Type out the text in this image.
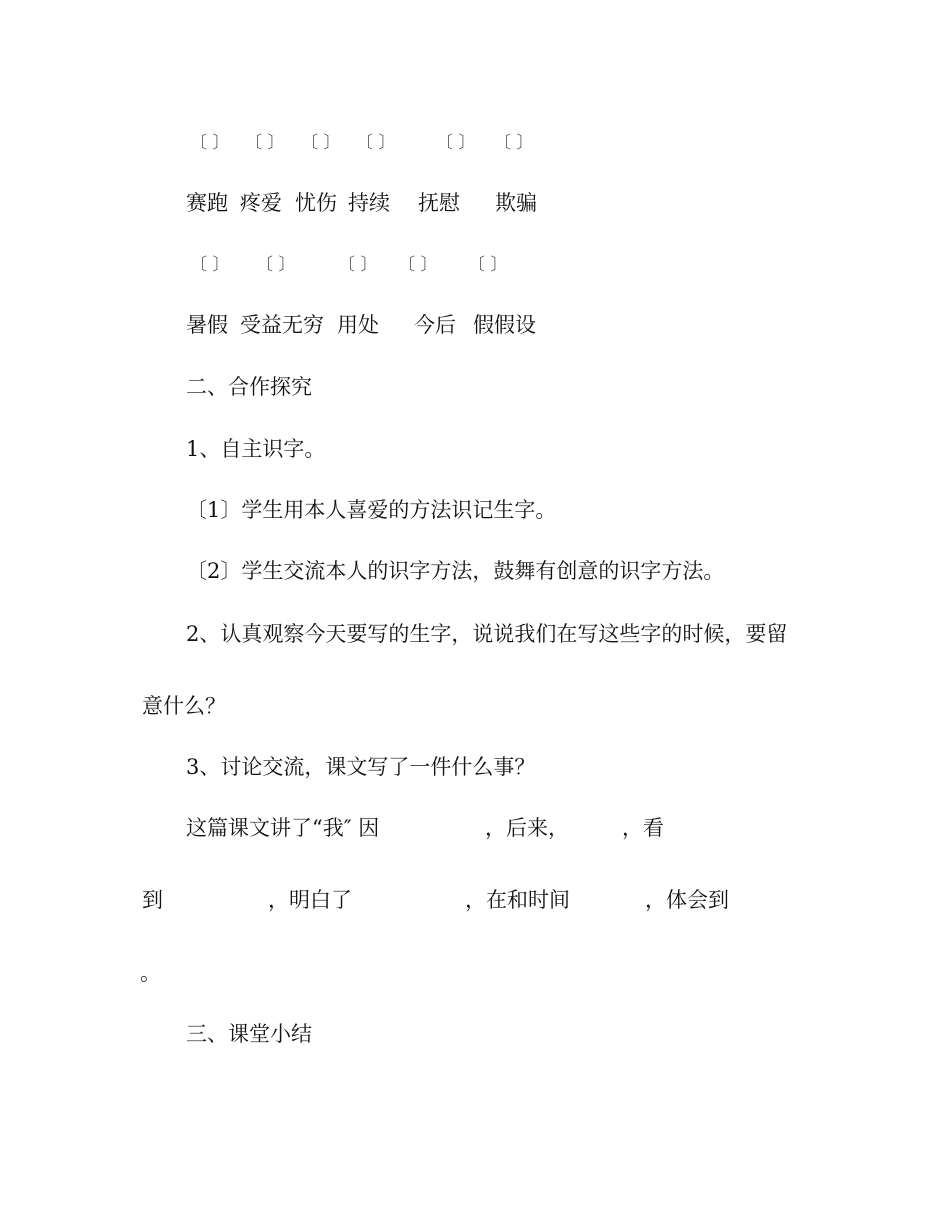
〔 〕 〔 〕 〔 〕 〔 〕 〔 〕 〔 〕
赛跑 疼爱 忧伤 持续 抚慰 欺骗
〔 〕 〔 〕	〔 〕 〔 〕 〔 〕
暑假 受益无穷 用处 今后 假假设
二、合作探究
1、自主识字。
〔1〕学生用本人喜爱的方法识记生字。
〔2〕学生交流本人的识字方法，鼓舞有创意的识字方法。
2、认真观察今天要写的生字，说说我们在写这些字的时候，要留
意什么？
3、讨论交流，课文写了一件什么事？
这篇课文讲了“我″ 因	，后来，	，看
到	，明白了	，在和时间	，体会到
。
三、课堂小结
